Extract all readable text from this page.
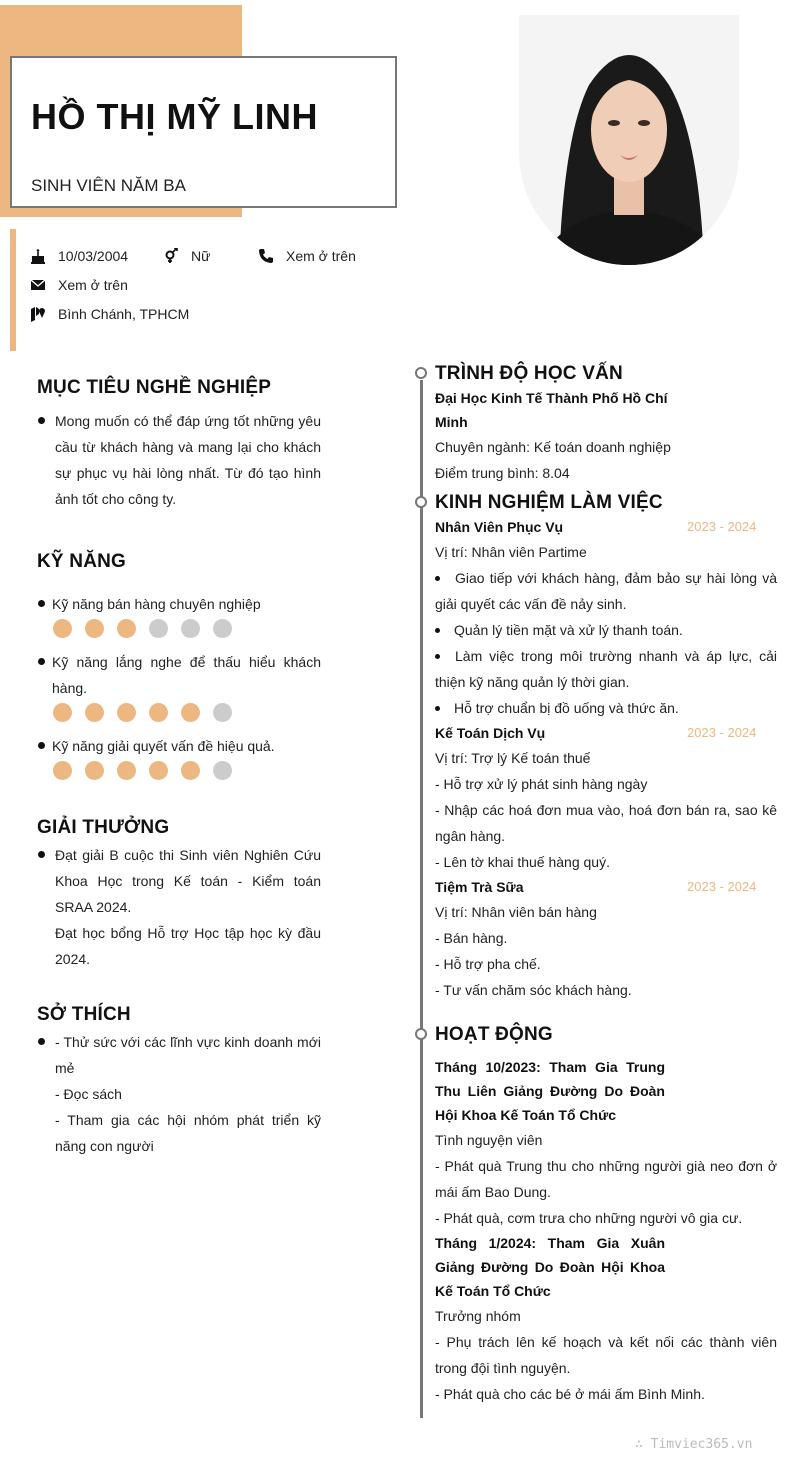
HỒ THỊ MỸ LINH
SINH VIÊN NĂM BA
10/03/2004	Nữ	Xem ở trên
Xem ở trên
Bình Chánh, TPHCM
MỤC TIÊU NGHỀ NGHIỆP
Mong muốn có thể đáp ứng tốt những yêu cầu từ khách hàng và mang lại cho khách sự phục vụ hài lòng nhất. Từ đó tạo hình ảnh tốt cho công ty.
KỸ NĂNG
Kỹ năng bán hàng chuyên nghiệp
Kỹ năng lắng nghe để thấu hiểu khách hàng.
Kỹ năng giải quyết vấn đề hiệu quả.
GIẢI THƯỞNG
Đạt giải B cuộc thi Sinh viên Nghiên Cứu Khoa Học trong Kế toán - Kiểm toán SRAA 2024.
Đạt học bổng Hỗ trợ Học tập học kỳ đầu 2024.
SỞ THÍCH
- Thử sức với các lĩnh vực kinh doanh mới mẻ
- Đọc sách
- Tham gia các hội nhóm phát triển kỹ năng con người
TRÌNH ĐỘ HỌC VẤN
Đại Học Kinh Tế Thành Phố Hồ Chí Minh
Chuyên ngành: Kế toán doanh nghiệp
Điểm trung bình: 8.04
KINH NGHIỆM LÀM VIỆC
Nhân Viên Phục Vụ	2023 - 2024
Vị trí: Nhân viên Partime
Giao tiếp với khách hàng, đảm bảo sự hài lòng và giải quyết các vấn đề nảy sinh.
Quản lý tiền mặt và xử lý thanh toán.
Làm việc trong môi trường nhanh và áp lực, cải thiện kỹ năng quản lý thời gian.
Hỗ trợ chuẩn bị đồ uống và thức ăn.
Kế Toán Dịch Vụ	2023 - 2024
Vị trí: Trợ lý Kế toán thuế
- Hỗ trợ xử lý phát sinh hàng ngày
- Nhập các hoá đơn mua vào, hoá đơn bán ra, sao kê ngân hàng.
- Lên tờ khai thuế hàng quý.
Tiệm Trà Sữa	2023 - 2024
Vị trí: Nhân viên bán hàng
- Bán hàng.
- Hỗ trợ pha chế.
- Tư vấn chăm sóc khách hàng.
HOẠT ĐỘNG
Tháng 10/2023: Tham Gia Trung Thu Liên Giảng Đường Do Đoàn Hội Khoa Kế Toán Tổ Chức
Tình nguyện viên
- Phát quà Trung thu cho những người già neo đơn ở mái ấm Bao Dung.
- Phát quà, cơm trưa cho những người vô gia cư.
Tháng 1/2024: Tham Gia Xuân Giảng Đường Do Đoàn Hội Khoa Kế Toán Tổ Chức
Trưởng nhóm
- Phụ trách lên kế hoạch và kết nối các thành viên trong đội tình nguyện.
- Phát quà cho các bé ở mái ấm Bình Minh.
∴ Timviec365.vn
